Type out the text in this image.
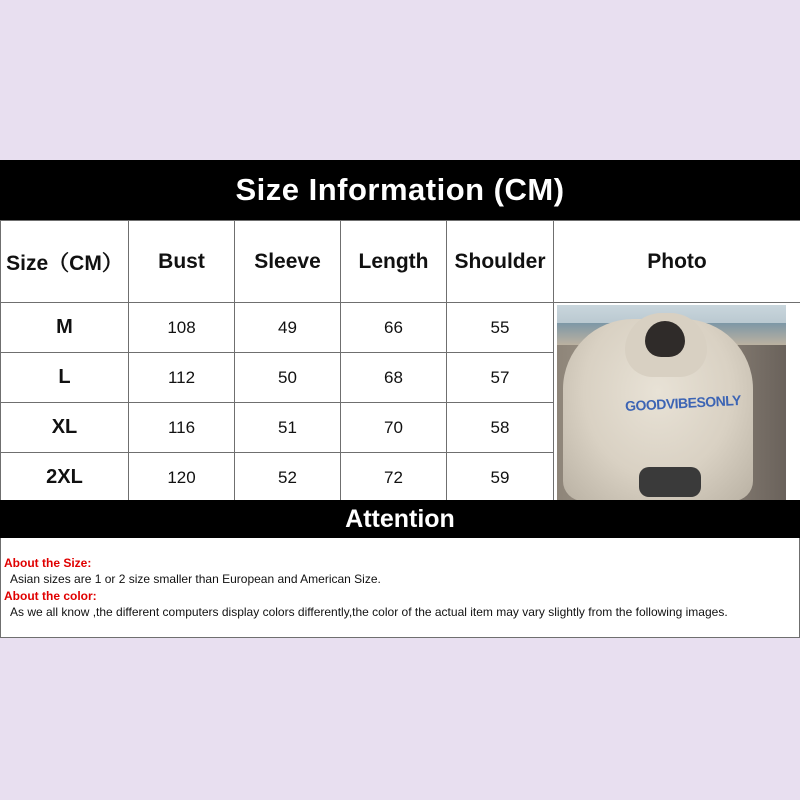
Size Information (CM)
Size（CM）	Bust	Sleeve	Length	Shoulder	Photo
M	108	49	66	55	GOODVIBESONLY

L	112	50	68	57	
XL	116	51	70	58	
2XL	120	52	72	59	
Attention
About the Size:
Asian sizes are 1 or 2 size smaller than European and American Size.
About the color:
As we all know ,the different computers display colors differently,the color of the actual item may vary slightly from the following images.
